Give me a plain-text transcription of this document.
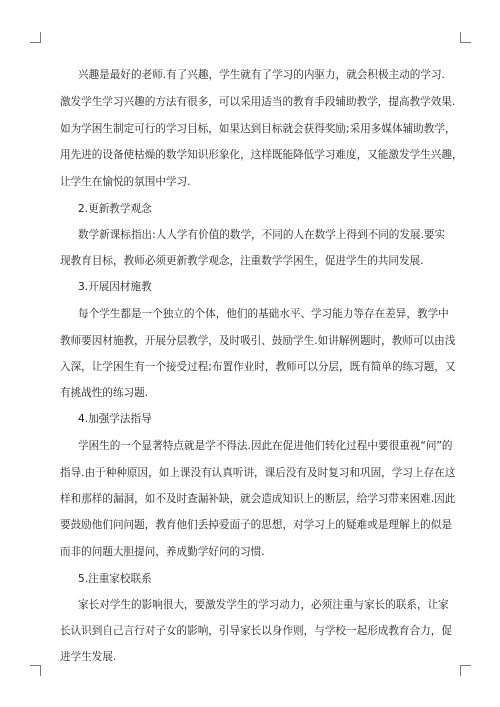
兴趣是最好的老师.有了兴趣，学生就有了学习的内驱力，就会积极主动的学习.
激发学生学习兴趣的方法有很多，可以采用适当的教育手段辅助教学，提高教学效果.
如为学困生制定可行的学习目标，如果达到目标就会获得奖励;采用多媒体辅助教学，
用先进的设备使枯燥的数学知识形象化，这样既能降低学习难度，又能激发学生兴趣，
让学生在愉悦的氛围中学习.
2.更新教学观念
数学新课标指出:人人学有价值的数学，不同的人在数学上得到不同的发展.要实
现教育目标，教师必须更新教学观念，注重数学学困生，促进学生的共同发展.
3.开展因材施教
每个学生都是一个独立的个体，他们的基础水平、学习能力等存在差异，教学中
教师要因材施教，开展分层教学，及时吸引、鼓励学生.如讲解例题时，教师可以由浅
入深，让学困生有一个接受过程;布置作业时，教师可以分层，既有简单的练习题，又
有挑战性的练习题.
4.加强学法指导
学困生的一个显著特点就是学不得法.因此在促进他们转化过程中要很重视“问”的
指导.由于种种原因，如上课没有认真听讲，课后没有及时复习和巩固，学习上存在这
样和那样的漏洞，如不及时查漏补缺，就会造成知识上的断层，给学习带来困难.因此
要鼓励他们问问题，教育他们丢掉爱面子的思想，对学习上的疑难或是理解上的似是
而非的问题大胆提问，养成勤学好问的习惯.
5.注重家校联系
家长对学生的影响很大，要激发学生的学习动力，必须注重与家长的联系，让家
长认识到自己言行对子女的影响，引导家长以身作则，与学校一起形成教育合力，促
进学生发展.
